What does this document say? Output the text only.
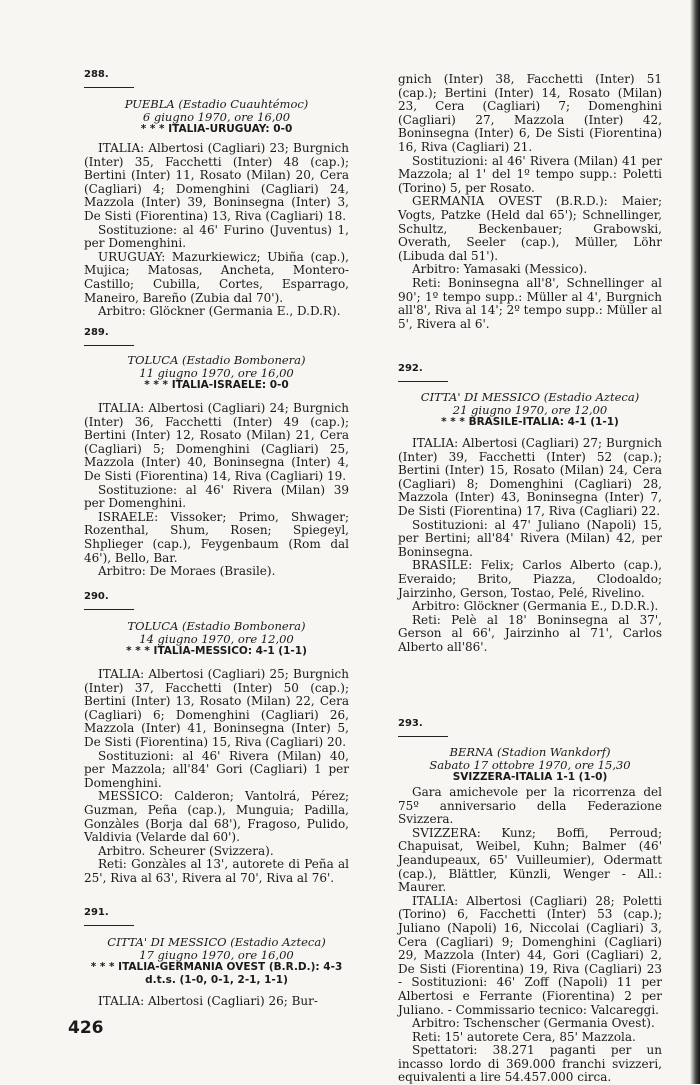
288.
PUEBLA (Estadio Cuauhtémoc)
6 giugno 1970, ore 16,00
* * * ITALIA-URUGUAY: 0-0

ITALIA: Albertosi (Cagliari) 23; Burgnich (Inter) 35, Facchetti (Inter) 48 (cap.); Bertini (Inter) 11, Rosato (Milan) 20, Cera (Cagliari) 4; Domenghini (Cagliari) 24, Mazzola (Inter) 39, Boninsegna (Inter) 3, De Sisti (Fiorentina) 13, Riva (Cagliari) 18.

Sostituzione: al 46' Furino (Juventus) 1, per Domenghini.

URUGUAY: Mazurkiewicz; Ubiña (cap.), Mujica; Matosas, Ancheta, Montero-Castillo; Cubilla, Cortes, Esparrago, Maneiro, Bareño (Zubia dal 70').

Arbitro: Glöckner (Germania E., D.D.R).

289.
TOLUCA (Estadio Bombonera)
11 giugno 1970, ore 16,00
* * * ITALIA-ISRAELE: 0-0

ITALIA: Albertosi (Cagliari) 24; Burgnich (Inter) 36, Facchetti (Inter) 49 (cap.); Bertini (Inter) 12, Rosato (Milan) 21, Cera (Cagliari) 5; Domenghini (Cagliari) 25, Mazzola (Inter) 40, Boninsegna (Inter) 4, De Sisti (Fiorentina) 14, Riva (Cagliari) 19.

Sostituzione: al 46' Rivera (Milan) 39 per Domenghini.

ISRAELE: Vissoker; Primo, Shwager; Rozenthal, Shum, Rosen; Spiegeyl, Shplieger (cap.), Feygenbaum (Rom dal 46'), Bello, Bar.

Arbitro: De Moraes (Brasile).

290.
TOLUCA (Estadio Bombonera)
14 giugno 1970, ore 12,00
* * * ITALIA-MESSICO: 4-1 (1-1)

ITALIA: Albertosi (Cagliari) 25; Burgnich (Inter) 37, Facchetti (Inter) 50 (cap.); Bertini (Inter) 13, Rosato (Milan) 22, Cera (Cagliari) 6; Domenghini (Cagliari) 26, Mazzola (Inter) 41, Boninsegna (Inter) 5, De Sisti (Fiorentina) 15, Riva (Cagliari) 20.

Sostituzioni: al 46' Rivera (Milan) 40, per Mazzola; all'84' Gori (Cagliari) 1 per Domenghini.

MESSICO: Calderon; Vantolrá, Pérez; Guzman, Peña (cap.), Munguia; Padilla, Gonzàles (Borja dal 68'), Fragoso, Pulido, Valdivia (Velarde dal 60').

Arbitro. Scheurer (Svizzera).

Reti: Gonzàles al 13', autorete di Peña al 25', Riva al 63', Rivera al 70', Riva al 76'.

291.
CITTA' DI MESSICO (Estadio Azteca)
17 giugno 1970, ore 16,00
* * * ITALIA-GERMANIA OVEST (B.R.D.): 4-3 d.t.s. (1-0, 0-1, 2-1, 1-1)

ITALIA: Albertosi (Cagliari) 26; Bur-

gnich (Inter) 38, Facchetti (Inter) 51 (cap.); Bertini (Inter) 14, Rosato (Milan) 23, Cera (Cagliari) 7; Domenghini (Cagliari) 27, Mazzola (Inter) 42, Boninsegna (Inter) 6, De Sisti (Fiorentina) 16, Riva (Cagliari) 21.

Sostituzioni: al 46' Rivera (Milan) 41 per Mazzola; al 1' del 1º tempo supp.: Poletti (Torino) 5, per Rosato.

GERMANIA OVEST (B.R.D.): Maier; Vogts, Patzke (Held dal 65'); Schnellinger, Schultz, Beckenbauer; Grabowski, Overath, Seeler (cap.), Müller, Löhr (Libuda dal 51').

Arbitro: Yamasaki (Messico).

Reti: Boninsegna all'8', Schnellinger al 90'; 1º tempo supp.: Müller al 4', Burgnich all'8', Riva al 14'; 2º tempo supp.: Müller al 5', Rivera al 6'.

292.
CITTA' DI MESSICO (Estadio Azteca)
21 giugno 1970, ore 12,00
* * * BRASILE-ITALIA: 4-1 (1-1)

ITALIA: Albertosi (Cagliari) 27; Burgnich (Inter) 39, Facchetti (Inter) 52 (cap.); Bertini (Inter) 15, Rosato (Milan) 24, Cera (Cagliari) 8; Domenghini (Cagliari) 28, Mazzola (Inter) 43, Boninsegna (Inter) 7, De Sisti (Fiorentina) 17, Riva (Cagliari) 22.

Sostituzioni: al 47' Juliano (Napoli) 15, per Bertini; all'84' Rivera (Milan) 42, per Boninsegna.

BRASILE: Felix; Carlos Alberto (cap.), Everaido; Brito, Piazza, Clodoaldo; Jairzinho, Gerson, Tostao, Pelé, Rivelino.

Arbitro: Glöckner (Germania E., D.D.R.).

Reti: Pelè al 18' Boninsegna al 37', Gerson al 66', Jairzinho al 71', Carlos Alberto all'86'.

293.
BERNA (Stadion Wankdorf)
Sabato 17 ottobre 1970, ore 15,30
SVIZZERA-ITALIA 1-1 (1-0)

Gara amichevole per la ricorrenza del 75º anniversario della Federazione Svizzera.

SVIZZERA: Kunz; Boffi, Perroud; Chapuisat, Weibel, Kuhn; Balmer (46' Jeandupeaux, 65' Vuilleumier), Odermatt (cap.), Blättler, Künzli, Wenger - All.: Maurer.

ITALIA: Albertosi (Cagliari) 28; Poletti (Torino) 6, Facchetti (Inter) 53 (cap.); Juliano (Napoli) 16, Niccolai (Cagliari) 3, Cera (Cagliari) 9; Domenghini (Cagliari) 29, Mazzola (Inter) 44, Gori (Cagliari) 2, De Sisti (Fiorentina) 19, Riva (Cagliari) 23 - Sostituzioni: 46' Zoff (Napoli) 11 per Albertosi e Ferrante (Fiorentina) 2 per Juliano. - Commissario tecnico: Valcareggi.

Arbitro: Tschenscher (Germania Ovest).

Reti: 15' autorete Cera, 85' Mazzola.

Spettatori: 38.271 paganti per un incasso lordo di 369.000 franchi svizzeri, equivalenti a lire 54.457.000 circa.

426
